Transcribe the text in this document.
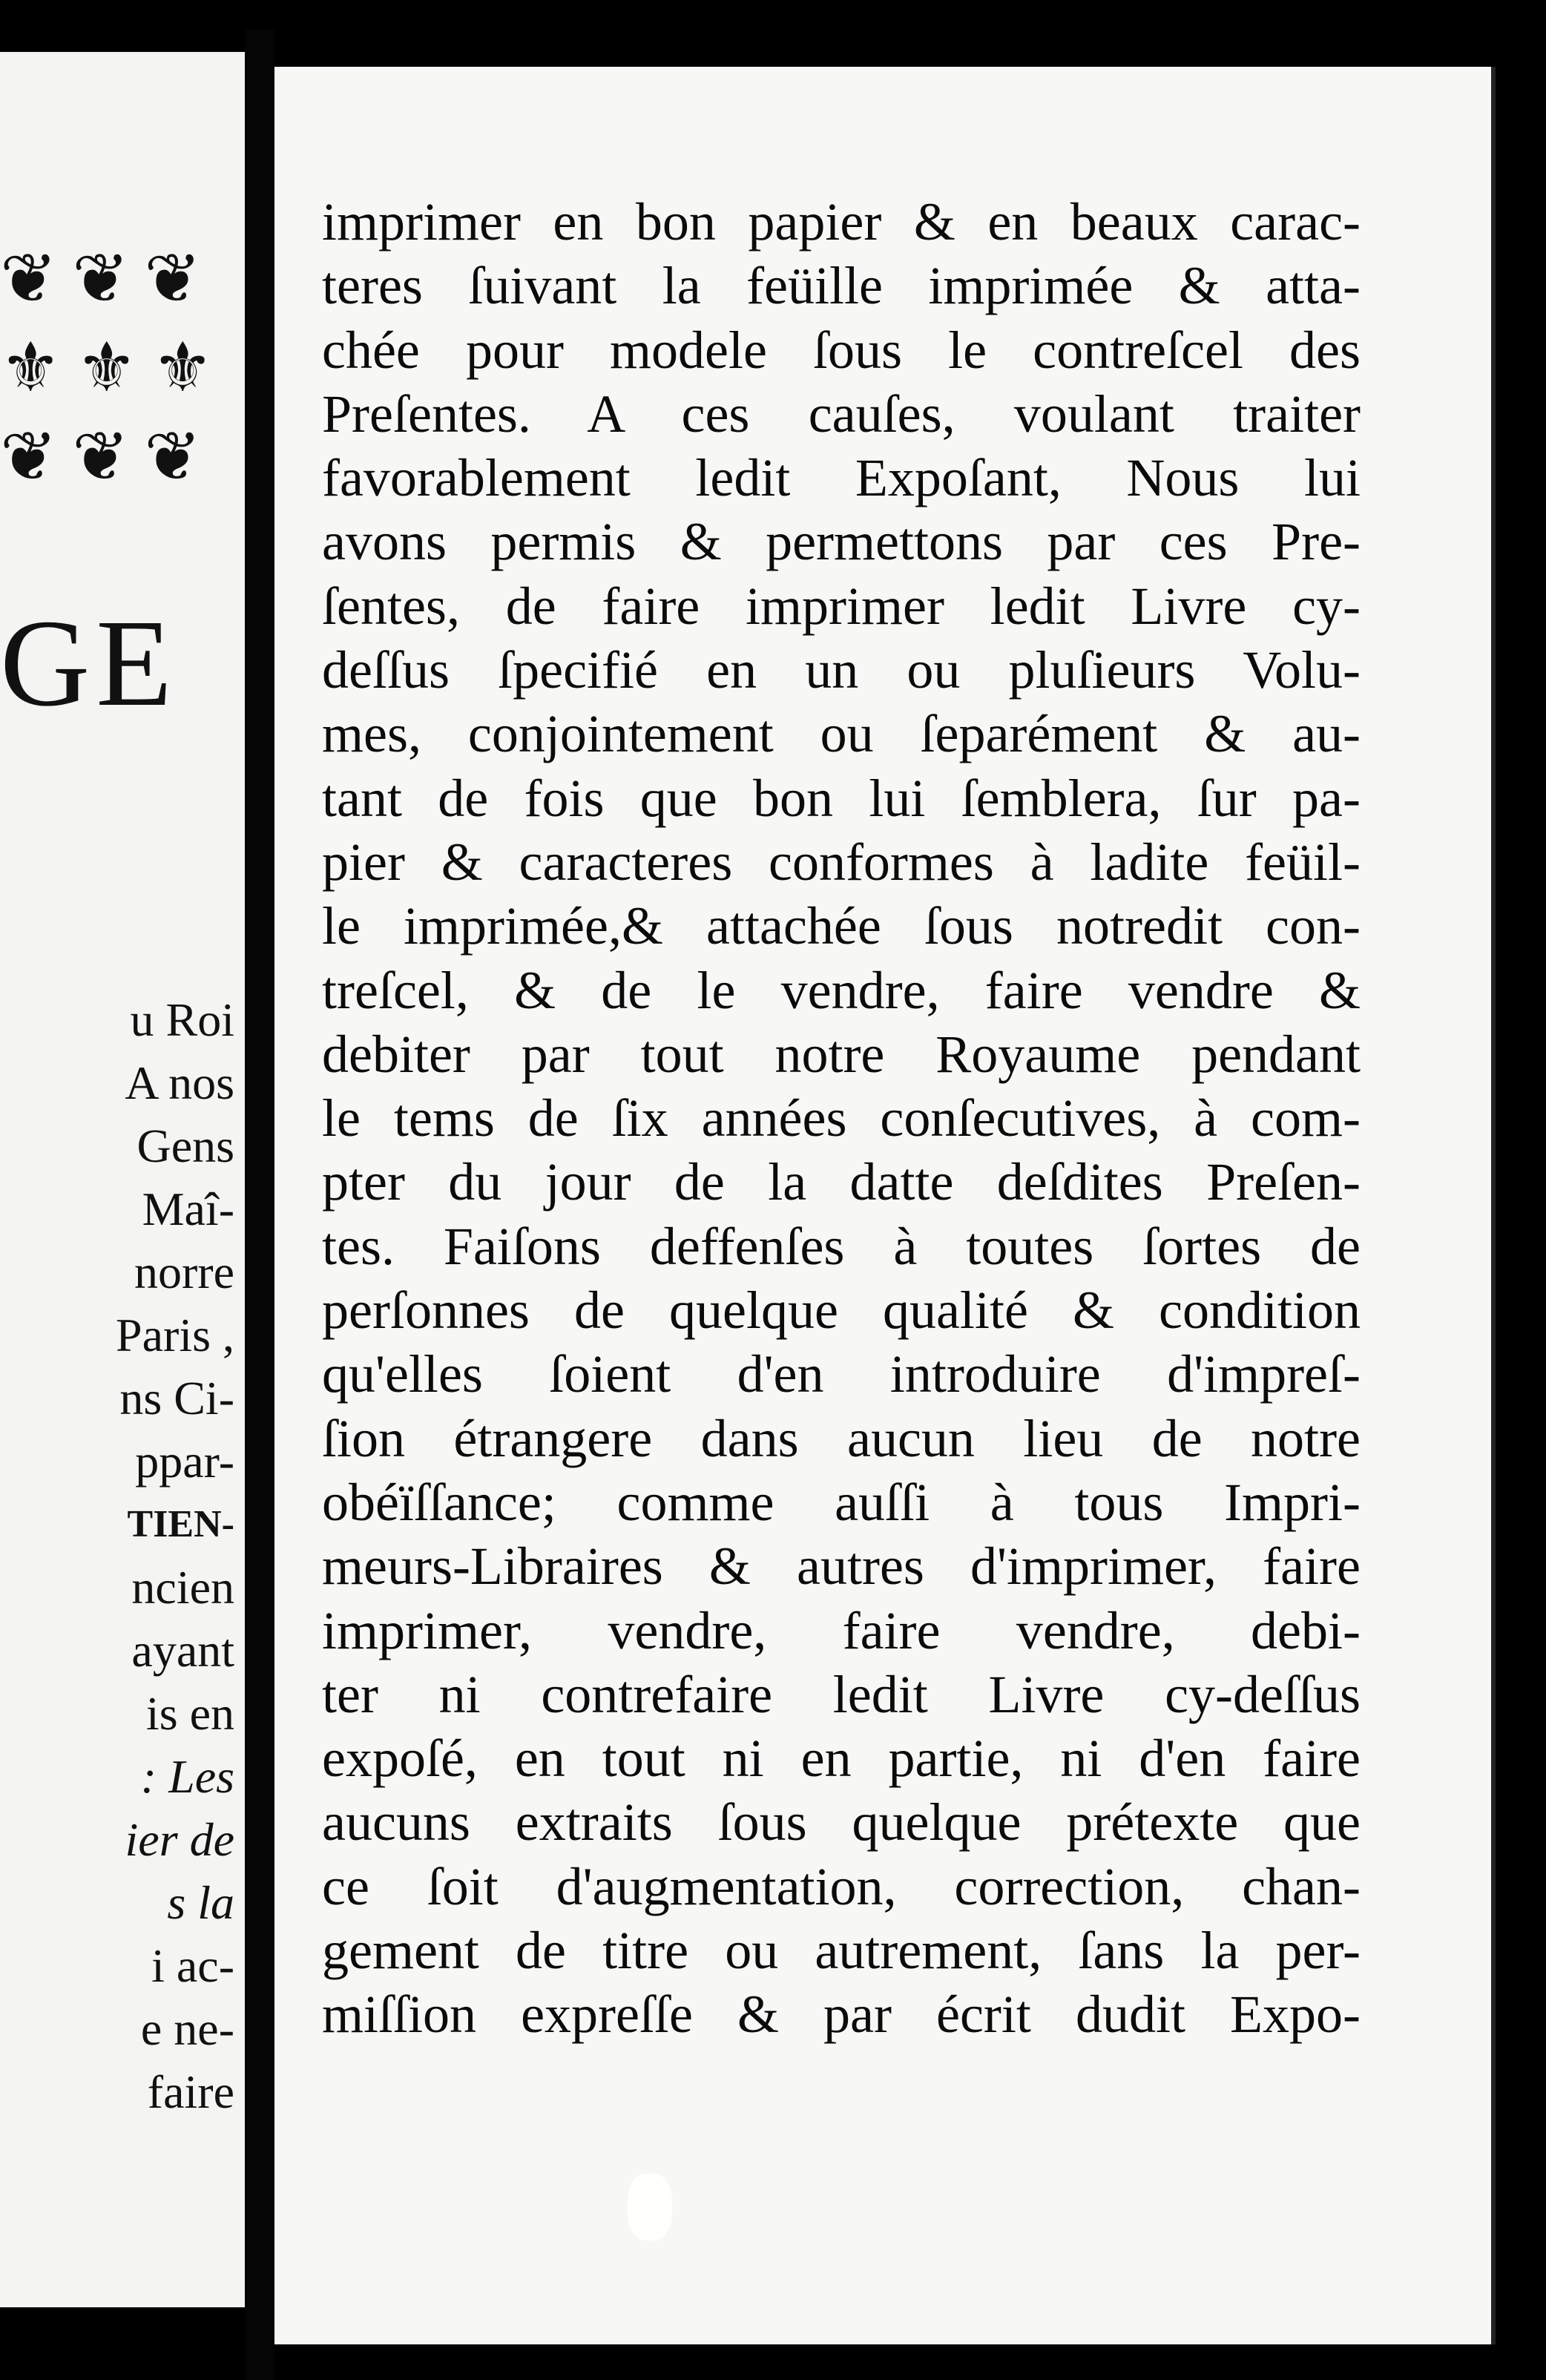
❦ ❦ ❦
⚜ ⚜ ⚜
❦ ❦ ❦
GE
u Roi
A nos
Gens
Maî-
norre
Paris ,
ns Ci-
ppar-
TIEN-
ncien
ayant
is en
: Les
ier de
s la
i ac-
e ne-
faire
imprimer en bon papier & en beaux carac-
teres ſuivant la feüille imprimée & atta-
chée pour modele ſous le contreſcel des
Preſentes. A ces cauſes, voulant traiter
favorablement ledit Expoſant, Nous lui
avons permis & permettons par ces Pre-
ſentes, de faire imprimer ledit Livre cy-
deſſus ſpecifié en un ou pluſieurs Volu-
mes, conjointement ou ſeparément & au-
tant de fois que bon lui ſemblera, ſur pa-
pier & caracteres conformes à ladite feüil-
le imprimée,& attachée ſous notredit con-
treſcel, & de le vendre, faire vendre &
debiter par tout notre Royaume pendant
le tems de ſix années conſecutives, à com-
pter du jour de la datte deſdites Preſen-
tes. Faiſons deffenſes à toutes ſortes de
perſonnes de quelque qualité & condition
qu'elles ſoient d'en introduire d'impreſ-
ſion étrangere dans aucun lieu de notre
obéïſſance; comme auſſi à tous Impri-
meurs-Libraires & autres d'imprimer, faire
imprimer, vendre, faire vendre, debi-
ter ni contrefaire ledit Livre cy-deſſus
expoſé, en tout ni en partie, ni d'en faire
aucuns extraits ſous quelque prétexte que
ce ſoit d'augmentation, correction, chan-
gement de titre ou autrement, ſans la per-
miſſion expreſſe & par écrit dudit Expo-
